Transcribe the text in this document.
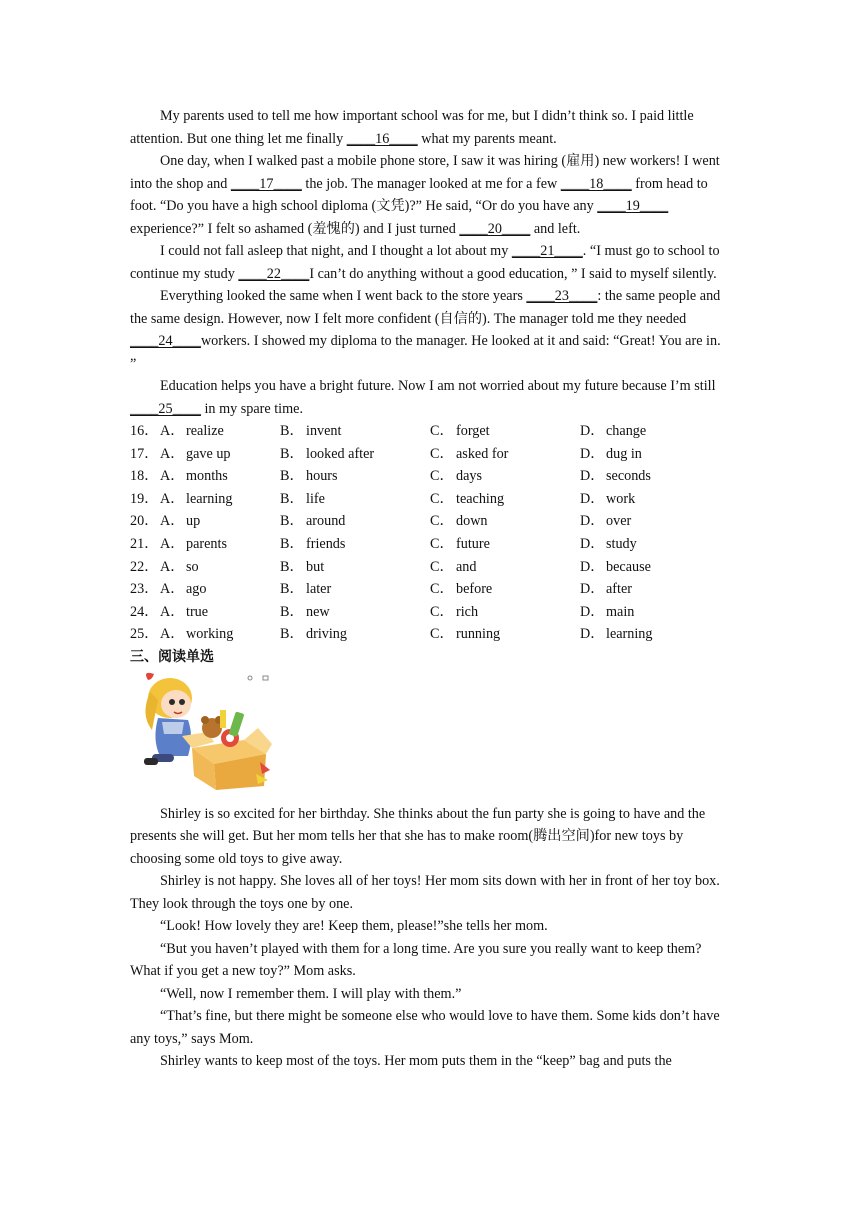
My parents used to tell me how important school was for me, but I didn’t think so. I paid little attention. But one thing let me finally ____16____ what my parents meant.

One day, when I walked past a mobile phone store, I saw it was hiring (雇用) new workers! I went into the shop and ____17____ the job. The manager looked at me for a few ____18____ from head to foot. “Do you have a high school diploma (文凭)?” He said, “Or do you have any ____19____ experience?” I felt so ashamed (羞愧的) and I just turned ____20____ and left.

I could not fall asleep that night, and I thought a lot about my ____21____. “I must go to school to continue my study ____22____I can’t do anything without a good education, ” I said to myself silently.

Everything looked the same when I went back to the store years ____23____: the same people and the same design. However, now I felt more confident (自信的). The manager told me they needed ____24____workers. I showed my diploma to the manager. He looked at it and said: “Great! You are in. ”

Education helps you have a bright future. Now I am not worried about my future because I’m still ____25____ in my spare time.

16． A． realize	B． invent	C． forget	D． change
17． A． gave up	B． looked after	C． asked for	D． dug in
18． A． months	B． hours	C． days	D． seconds
19． A． learning	B． life	C． teaching	D． work
20． A． up	B． around	C． down	D． over
21． A． parents	B． friends	C． future	D． study
22． A． so	B． but	C． and	D． because
23． A． ago	B． later	C． before	D． after
24． A． true	B． new	C． rich	D． main
25． A． working	B． driving	C． running	D． learning

三、阅读单选

Shirley is so excited for her birthday. She thinks about the fun party she is going to have and the presents she will get. But her mom tells her that she has to make room(腾出空间)for new toys by choosing some old toys to give away.

Shirley is not happy. She loves all of her toys! Her mom sits down with her in front of her toy box. They look through the toys one by one.

“Look! How lovely they are! Keep them, please!”she tells her mom.

“But you haven’t played with them for a long time. Are you sure you really want to keep them?What if you get a new toy?” Mom asks.

“Well, now I remember them. I will play with them.”

“That’s fine, but there might be someone else who would love to have them. Some kids don’t have any toys,” says Mom.

Shirley wants to keep most of the toys. Her mom puts them in the “keep” bag and puts the
